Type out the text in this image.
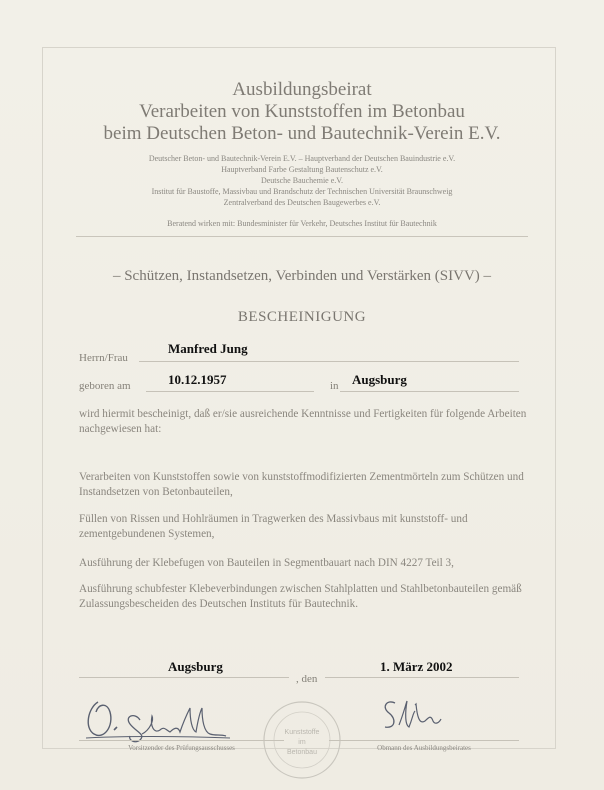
Ausbildungsbeirat
Verarbeiten von Kunststoffen im Betonbau
beim Deutschen Beton- und Bautechnik-Verein E.V.
Deutscher Beton- und Bautechnik-Verein E.V. – Hauptverband der Deutschen Bauindustrie e.V.
Hauptverband Farbe Gestaltung Bautenschutz e.V.
Deutsche Bauchemie e.V.
Institut für Baustoffe, Massivbau und Brandschutz der Technischen Universität Braunschweig
Zentralverband des Deutschen Baugewerbes e.V.
Beratend wirken mit: Bundesminister für Verkehr, Deutsches Institut für Bautechnik
– Schützen, Instandsetzen, Verbinden und Verstärken (SIVV) –
BESCHEINIGUNG
Herrn/Frau
Manfred Jung
geboren am	10.12.1957	in Augsburg
wird hiermit bescheinigt, daß er/sie ausreichende Kenntnisse und Fertigkeiten für folgende Arbeiten nachgewiesen hat:
Verarbeiten von Kunststoffen sowie von kunststoffmodifizierten Zementmörteln zum Schützen und Instandsetzen von Betonbauteilen,
Füllen von Rissen und Hohlräumen in Tragwerken des Massivbaus mit kunststoff- und zementgebundenen Systemen,
Ausführung der Klebefugen von Bauteilen in Segmentbauart nach DIN 4227 Teil 3,
Ausführung schubfester Klebeverbindungen zwischen Stahlplatten und Stahlbetonbauteilen gemäß Zulassungsbescheiden des Deutschen Instituts für Bautechnik.
Augsburg
, den
1. März 2002
Kunststoffe
im
Betonbau
Vorsitzender des Prüfungsausschusses	Obmann des Ausbildungsbeirates
